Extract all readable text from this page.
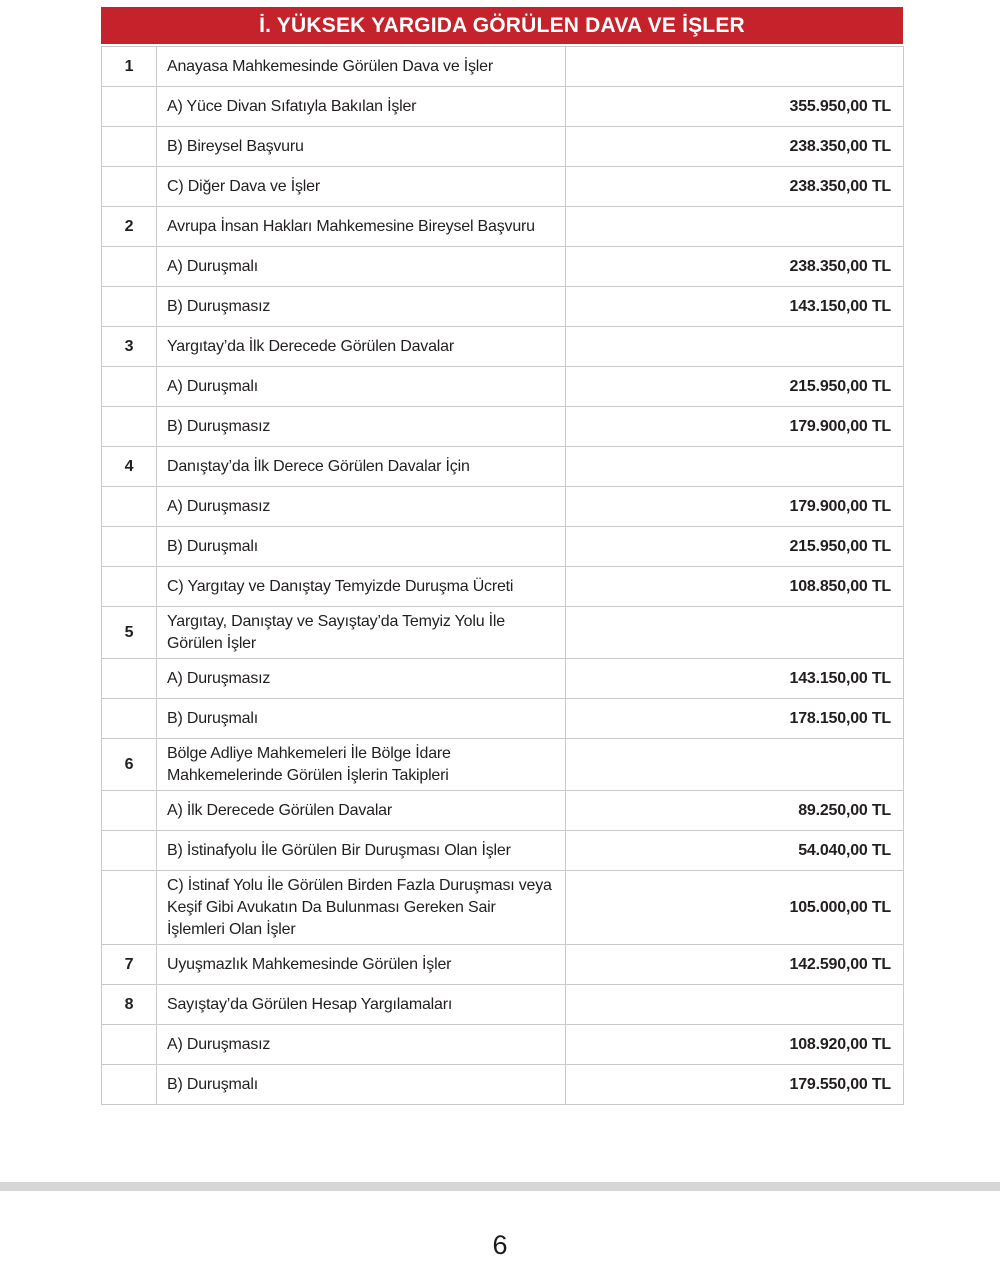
İ. YÜKSEK YARGIDA GÖRÜLEN DAVA VE İŞLER
1	Anayasa Mahkemesinde Görülen Dava ve İşler	
	A) Yüce Divan Sıfatıyla Bakılan İşler	355.950,00 TL
	B) Bireysel Başvuru	238.350,00 TL
	C) Diğer Dava ve İşler	238.350,00 TL
2	Avrupa İnsan Hakları Mahkemesine Bireysel Başvuru	
	A) Duruşmalı	238.350,00 TL
	B) Duruşmasız	143.150,00 TL
3	Yargıtay’da İlk Derecede Görülen Davalar	
	A) Duruşmalı	215.950,00 TL
	B) Duruşmasız	179.900,00 TL
4	Danıştay’da İlk Derece Görülen Davalar İçin	
	A) Duruşmasız	179.900,00 TL
	B) Duruşmalı	215.950,00 TL
	C) Yargıtay ve Danıştay Temyizde Duruşma Ücreti	108.850,00 TL
5	Yargıtay, Danıştay ve Sayıştay’da Temyiz Yolu İle Görülen İşler	
	A) Duruşmasız	143.150,00 TL
	B) Duruşmalı	178.150,00 TL
6	Bölge Adliye Mahkemeleri İle Bölge İdare Mahkemelerinde Görülen İşlerin Takipleri	
	A) İlk Derecede Görülen Davalar	89.250,00 TL
	B) İstinafyolu İle Görülen Bir Duruşması Olan İşler	54.040,00 TL
	C) İstinaf Yolu İle Görülen Birden Fazla Duruşması veya Keşif Gibi Avukatın Da Bulunması Gereken Sair İşlemleri Olan İşler	105.000,00 TL
7	Uyuşmazlık Mahkemesinde Görülen İşler	142.590,00 TL
8	Sayıştay’da Görülen Hesap Yargılamaları	
	A) Duruşmasız	108.920,00 TL
	B) Duruşmalı	179.550,00 TL
6
